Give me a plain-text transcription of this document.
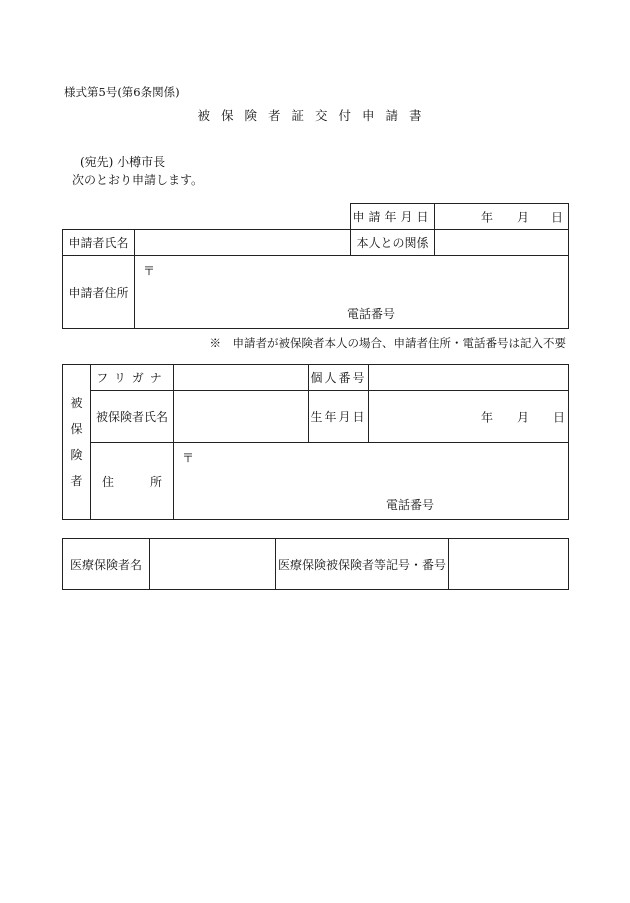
様式第5号(第6条関係)
被保険者証交付申請書
(宛先) 小樽市長
次のとおり申請します。
		申請年月日	年 月 日

申請者氏名		本人との関係	
申請者住所	〒
電話番号		
※　申請者が被保険者本人の場合、申請者住所・電話番号は記入不要
被
保
険
者	フリガナ		個人番号	
	被保険者氏名		生年月日	年 月 日

	住　　　所	〒
電話番号		
医療保険者名		医療保険被保険者等記号・番号	
